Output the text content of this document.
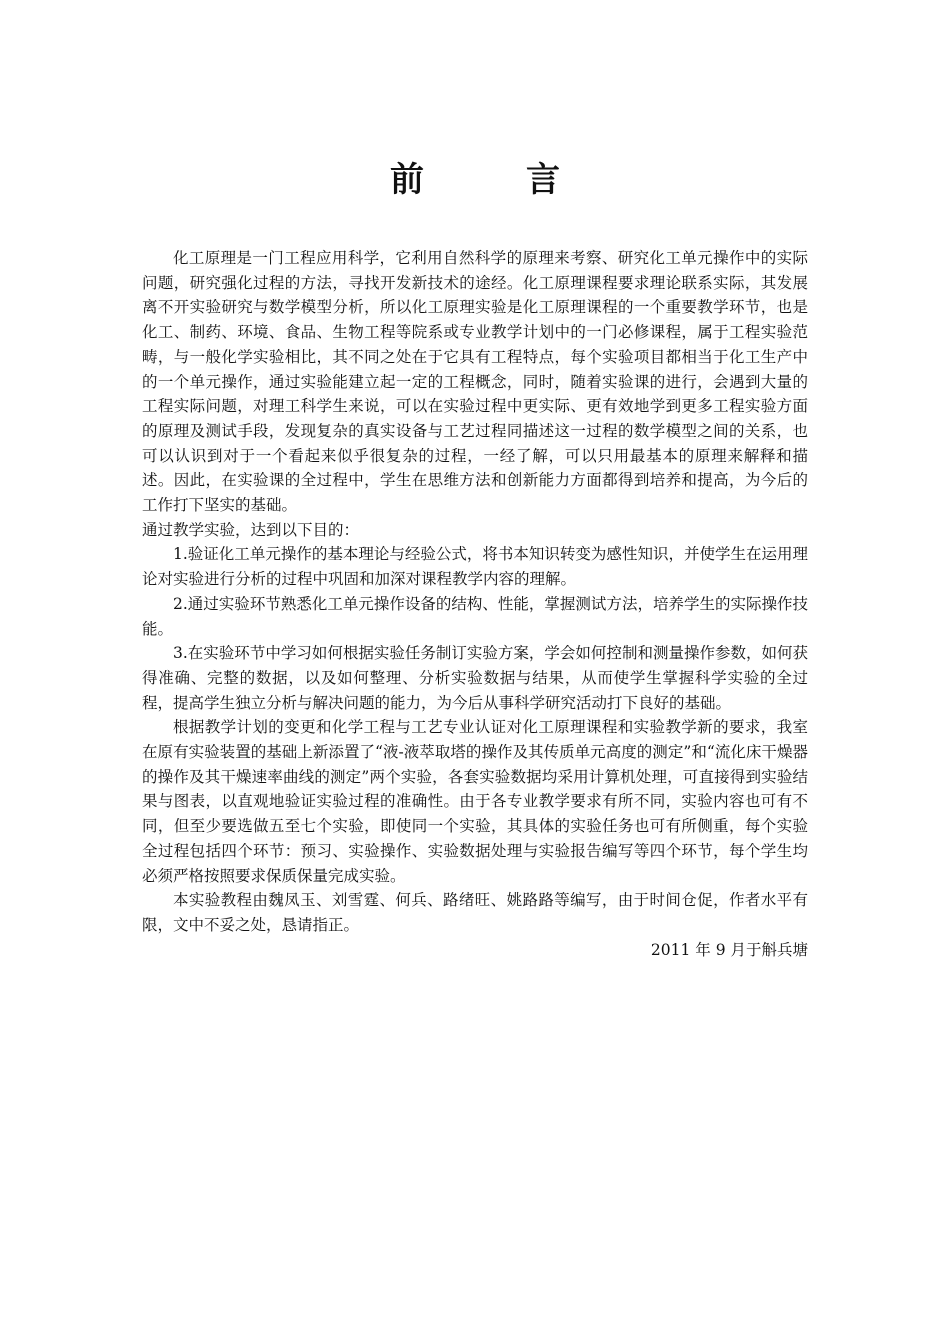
前　言

化工原理是一门工程应用科学，它利用自然科学的原理来考察、研究化工单元操作中的实际问题，研究强化过程的方法，寻找开发新技术的途经。化工原理课程要求理论联系实际，其发展离不开实验研究与数学模型分析，所以化工原理实验是化工原理课程的一个重要教学环节，也是化工、制药、环境、食品、生物工程等院系或专业教学计划中的一门必修课程，属于工程实验范畴，与一般化学实验相比，其不同之处在于它具有工程特点，每个实验项目都相当于化工生产中的一个单元操作，通过实验能建立起一定的工程概念，同时，随着实验课的进行，会遇到大量的工程实际问题，对理工科学生来说，可以在实验过程中更实际、更有效地学到更多工程实验方面的原理及测试手段，发现复杂的真实设备与工艺过程同描述这一过程的数学模型之间的关系，也可以认识到对于一个看起来似乎很复杂的过程，一经了解，可以只用最基本的原理来解释和描述。因此，在实验课的全过程中，学生在思维方法和创新能力方面都得到培养和提高，为今后的工作打下坚实的基础。

通过教学实验，达到以下目的：

1.验证化工单元操作的基本理论与经验公式，将书本知识转变为感性知识，并使学生在运用理论对实验进行分析的过程中巩固和加深对课程教学内容的理解。

2.通过实验环节熟悉化工单元操作设备的结构、性能，掌握测试方法，培养学生的实际操作技能。

3.在实验环节中学习如何根据实验任务制订实验方案，学会如何控制和测量操作参数，如何获得准确、完整的数据，以及如何整理、分析实验数据与结果，从而使学生掌握科学实验的全过程，提高学生独立分析与解决问题的能力，为今后从事科学研究活动打下良好的基础。

根据教学计划的变更和化学工程与工艺专业认证对化工原理课程和实验教学新的要求，我室在原有实验装置的基础上新添置了“液-液萃取塔的操作及其传质单元高度的测定”和“流化床干燥器的操作及其干燥速率曲线的测定”两个实验，各套实验数据均采用计算机处理，可直接得到实验结果与图表，以直观地验证实验过程的准确性。由于各专业教学要求有所不同，实验内容也可有不同，但至少要选做五至七个实验，即使同一个实验，其具体的实验任务也可有所侧重，每个实验全过程包括四个环节：预习、实验操作、实验数据处理与实验报告编写等四个环节，每个学生均必须严格按照要求保质保量完成实验。

本实验教程由魏凤玉、刘雪霆、何兵、路绪旺、姚路路等编写，由于时间仓促，作者水平有限，文中不妥之处，恳请指正。

2011 年 9 月于斛兵塘
